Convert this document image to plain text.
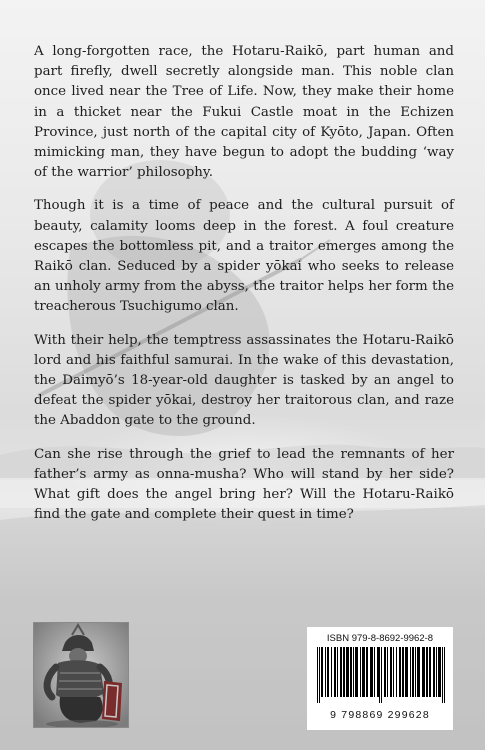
A long-forgotten race, the Hotaru-Raikō, part human and part firefly, dwell secretly alongside man. This noble clan once lived near the Tree of Life. Now, they make their home in a thicket near the Fukui Castle moat in the Echizen Province, just north of the capital city of Kyōto, Japan. Often mimicking man, they have begun to adopt the budding ‘way of the warrior’ philosophy.

Though it is a time of peace and the cultural pursuit of beauty, calamity looms deep in the forest. A foul creature escapes the bottomless pit, and a traitor emerges among the Raikō clan. Seduced by a spider yōkai who seeks to release an unholy army from the abyss, the traitor helps her form the treacherous Tsuchigumo clan.

With their help, the temptress assassinates the Hotaru-Raikō lord and his faithful samurai. In the wake of this devastation, the Daimyō’s 18-year-old daughter is tasked by an angel to defeat the spider yōkai, destroy her traitorous clan, and raze the Abaddon gate to the ground.

Can she rise through the grief to lead the remnants of her father’s army as onna-musha? Who will stand by her side? What gift does the angel bring her? Will the Hotaru-Raikō find the gate and complete their quest in time?

ISBN 979-8-8692-9962-8
9 798869 299628
